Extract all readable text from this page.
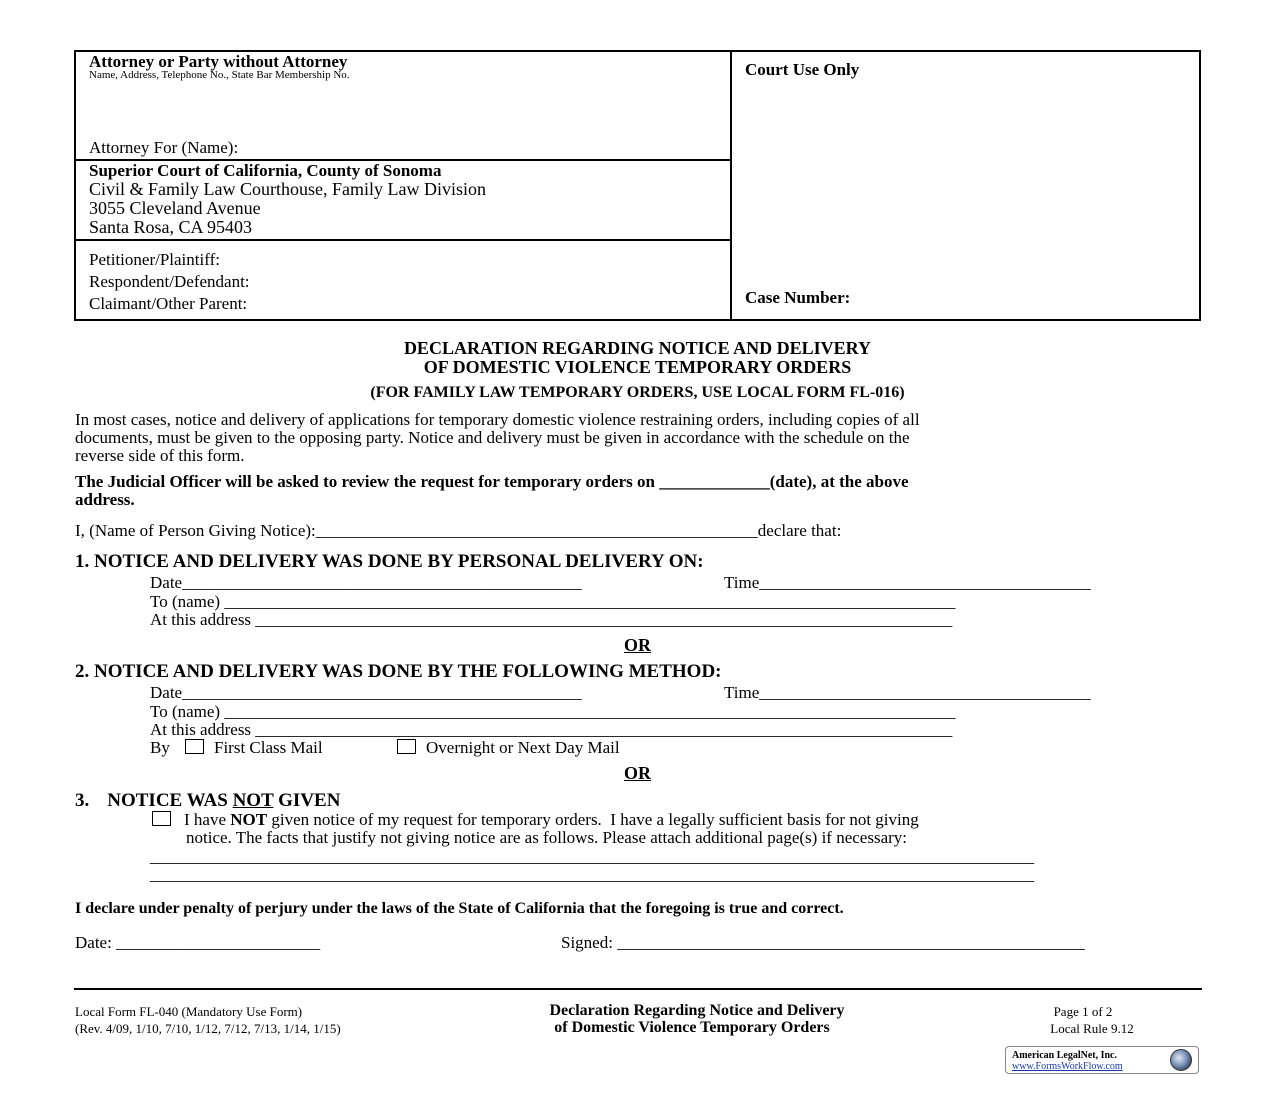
Attorney or Party without Attorney
Name, Address, Telephone No., State Bar Membership No.
Attorney For (Name):
Superior Court of California, County of Sonoma
Civil & Family Law Courthouse, Family Law Division
3055 Cleveland Avenue
Santa Rosa, CA 95403
Petitioner/Plaintiff:
Respondent/Defendant:
Claimant/Other Parent:
Court Use Only
Case Number:
DECLARATION REGARDING NOTICE AND DELIVERY
OF DOMESTIC VIOLENCE TEMPORARY ORDERS
(FOR FAMILY LAW TEMPORARY ORDERS, USE LOCAL FORM FL-016)
In most cases, notice and delivery of applications for temporary domestic violence restraining orders, including copies of all
documents, must be given to the opposing party. Notice and delivery must be given in accordance with the schedule on the
reverse side of this form.
The Judicial Officer will be asked to review the request for temporary orders on _____________(date), at the above
address.
I, (Name of Person Giving Notice):____________________________________________________declare that:
1. NOTICE AND DELIVERY WAS DONE BY PERSONAL DELIVERY ON:
Date_______________________________________________	Time_______________________________________
To (name) ______________________________________________________________________________________
At this address __________________________________________________________________________________
OR
2. NOTICE AND DELIVERY WAS DONE BY THE FOLLOWING METHOD:
Date_______________________________________________	Time_______________________________________
To (name) ______________________________________________________________________________________
At this address __________________________________________________________________________________
By	First Class Mail	Overnight or Next Day Mail
OR
3. NOTICE WAS NOT GIVEN
I have NOT given notice of my request for temporary orders.  I have a legally sufficient basis for not giving
notice. The facts that justify not giving notice are as follows. Please attach additional page(s) if necessary:
________________________________________________________________________________________________________
________________________________________________________________________________________________________
I declare under penalty of perjury under the laws of the State of California that the foregoing is true and correct.
Date: ________________________	Signed: _______________________________________________________
Local Form FL-040 (Mandatory Use Form)
(Rev. 4/09, 1/10, 7/10, 1/12, 7/12, 7/13, 1/14, 1/15)
Declaration Regarding Notice and Delivery
of Domestic Violence Temporary Orders
Page 1 of 2
Local Rule 9.12
American LegalNet, Inc.
www.FormsWorkFlow.com
